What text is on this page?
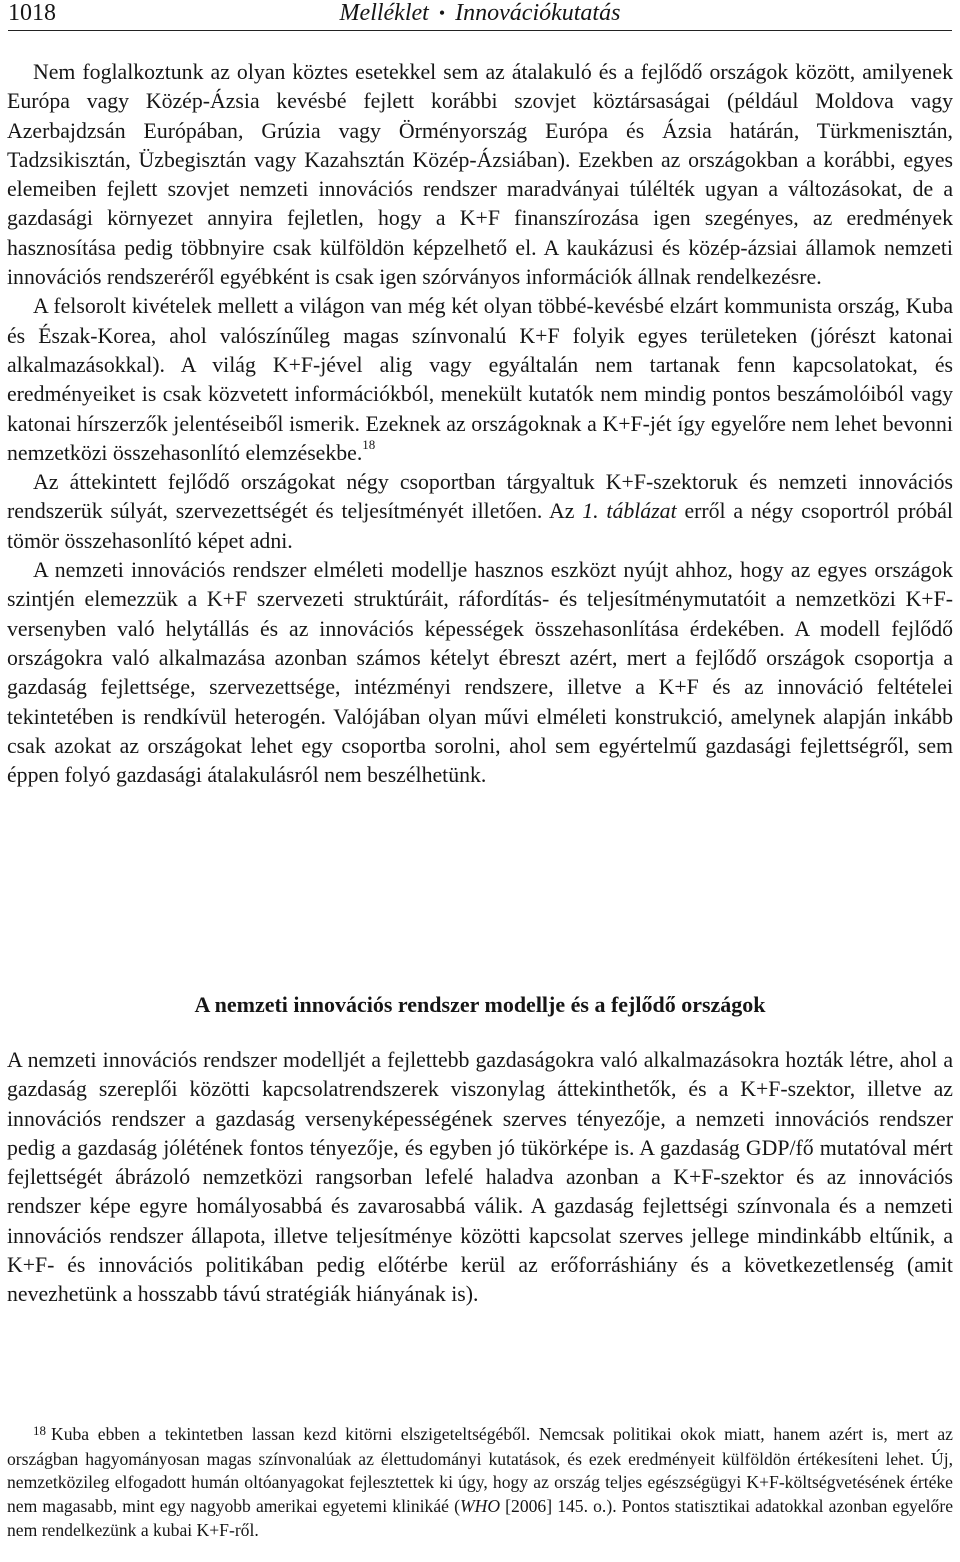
1018	Melléklet • Innovációkutatás

Nem foglalkoztunk az olyan köztes esetekkel sem az átalakuló és a fejlődő országok között, amilyenek Európa vagy Közép-Ázsia kevésbé fejlett korábbi szovjet köztársaságai (például Moldova vagy Azerbajdzsán Európában, Grúzia vagy Örményország Európa és Ázsia határán, Türkmenisztán, Tadzsikisztán, Üzbegisztán vagy Kazahsztán Közép-Ázsiában). Ezekben az országokban a korábbi, egyes elemeiben fejlett szovjet nemzeti innovációs rendszer maradványai túlélték ugyan a változásokat, de a gazdasági környezet annyira fejletlen, hogy a K+F finanszírozása igen szegényes, az eredmények hasznosítása pedig többnyire csak külföldön képzelhető el. A kaukázusi és közép-ázsiai államok nemzeti innovációs rendszeréről egyébként is csak igen szórványos információk állnak rendelkezésre.

A felsorolt kivételek mellett a világon van még két olyan többé-kevésbé elzárt kommunista ország, Kuba és Észak-Korea, ahol valószínűleg magas színvonalú K+F folyik egyes területeken (jórészt katonai alkalmazásokkal). A világ K+F-jével alig vagy egyáltalán nem tartanak fenn kapcsolatokat, és eredményeiket is csak közvetett információkból, menekült kutatók nem mindig pontos beszámolóiból vagy katonai hírszerzők jelentéseiből ismerik. Ezeknek az országoknak a K+F-jét így egyelőre nem lehet bevonni nemzetközi összehasonlító elemzésekbe.$^{18}$

Az áttekintett fejlődő országokat négy csoportban tárgyaltuk K+F-szektoruk és nemzeti innovációs rendszerük súlyát, szervezettségét és teljesítményét illetően. Az 1. táblázat erről a négy csoportról próbál tömör összehasonlító képet adni.

A nemzeti innovációs rendszer elméleti modellje hasznos eszközt nyújt ahhoz, hogy az egyes országok szintjén elemezzük a K+F szervezeti struktúráit, ráfordítás- és teljesítménymutatóit a nemzetközi K+F-versenyben való helytállás és az innovációs képességek összehasonlítása érdekében. A modell fejlődő országokra való alkalmazása azonban számos kételyt ébreszt azért, mert a fejlődő országok csoportja a gazdaság fejlettsége, szervezettsége, intézményi rendszere, illetve a K+F és az innováció feltételei tekintetében is rendkívül heterogén. Valójában olyan művi elméleti konstrukció, amelynek alapján inkább csak azokat az országokat lehet egy csoportba sorolni, ahol sem egyértelmű gazdasági fejlettségről, sem éppen folyó gazdasági átalakulásról nem beszélhetünk.

A nemzeti innovációs rendszer modellje és a fejlődő országok

A nemzeti innovációs rendszer modelljét a fejlettebb gazdaságokra való alkalmazásokra hozták létre, ahol a gazdaság szereplői közötti kapcsolatrendszerek viszonylag áttekinthetők, és a K+F-szektor, illetve az innovációs rendszer a gazdaság versenyképességének szerves tényezője, a nemzeti innovációs rendszer pedig a gazdaság jólétének fontos tényezője, és egyben jó tükörképe is. A gazdaság GDP/fő mutatóval mért fejlettségét ábrázoló nemzetközi rangsorban lefelé haladva azonban a K+F-szektor és az innovációs rendszer képe egyre homályosabbá és zavarosabbá válik. A gazdaság fejlettségi színvonala és a nemzeti innovációs rendszer állapota, illetve teljesítménye közötti kapcsolat szerves jellege mindinkább eltűnik, a K+F- és innovációs politikában pedig előtérbe kerül az erőforráshiány és a következetlenség (amit nevezhetünk a hosszabb távú stratégiák hiányának is).

$^{18}$ Kuba ebben a tekintetben lassan kezd kitörni elszigeteltségéből. Nemcsak politikai okok miatt, hanem azért is, mert az országban hagyományosan magas színvonalúak az élettudományi kutatások, és ezek eredményeit külföldön értékesíteni lehet. Új, nemzetközileg elfogadott humán oltóanyagokat fejlesztettek ki úgy, hogy az ország teljes egészségügyi K+F-költségvetésének értéke nem magasabb, mint egy nagyobb amerikai egyetemi klinikáé (WHO [2006] 145. o.). Pontos statisztikai adatokkal azonban egyelőre nem rendelkezünk a kubai K+F-ről.
